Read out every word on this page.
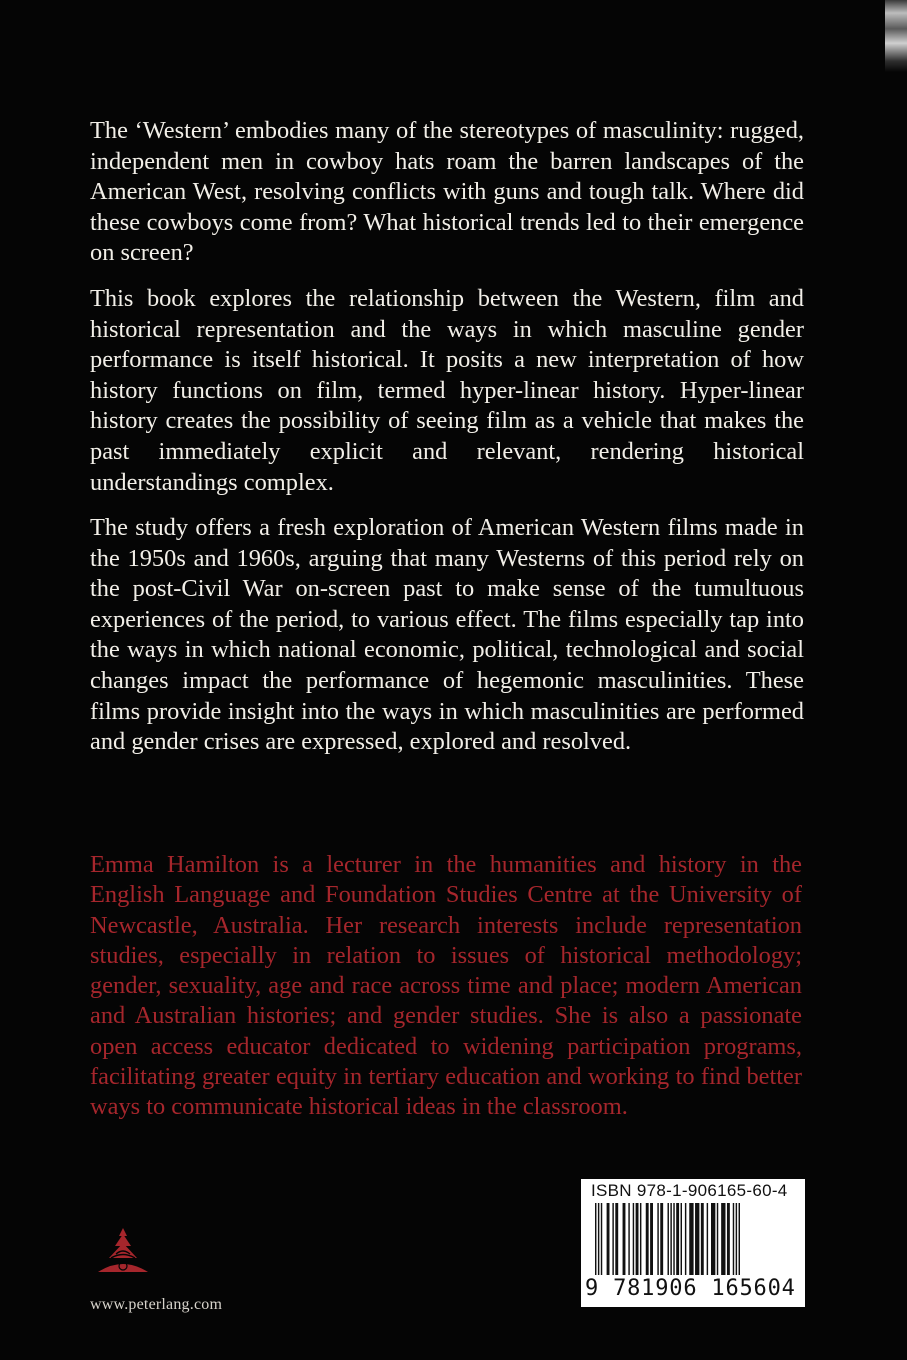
The ‘Western’ embodies many of the stereotypes of masculinity: rugged, independent men in cowboy hats roam the barren landscapes of the American West, resolving conflicts with guns and tough talk. Where did these cowboys come from? What historical trends led to their emergence on screen?

This book explores the relationship between the Western, film and historical representation and the ways in which masculine gender performance is itself historical. It posits a new interpretation of how history functions on film, termed hyper-linear history. Hyper-linear history creates the possibility of seeing film as a vehicle that makes the past immediately explicit and relevant, rendering historical understandings complex.

The study offers a fresh exploration of American Western films made in the 1950s and 1960s, arguing that many Westerns of this period rely on the post-Civil War on-screen past to make sense of the tumultuous experiences of the period, to various effect. The films especially tap into the ways in which national economic, political, technological and social changes impact the performance of hegemonic masculinities. These films provide insight into the ways in which masculinities are performed and gender crises are expressed, explored and resolved.

Emma Hamilton is a lecturer in the humanities and history in the English Language and Foundation Studies Centre at the University of Newcastle, Australia. Her research interests include representation studies, especially in relation to issues of historical methodology; gender, sexuality, age and race across time and place; modern American and Australian histories; and gender studies. She is also a passionate open access educator dedicated to widening participation programs, facilitating greater equity in tertiary education and working to find better ways to communicate historical ideas in the classroom.

www.peterlang.com
ISBN 978-1-906165-60-4
9 781906 165604
